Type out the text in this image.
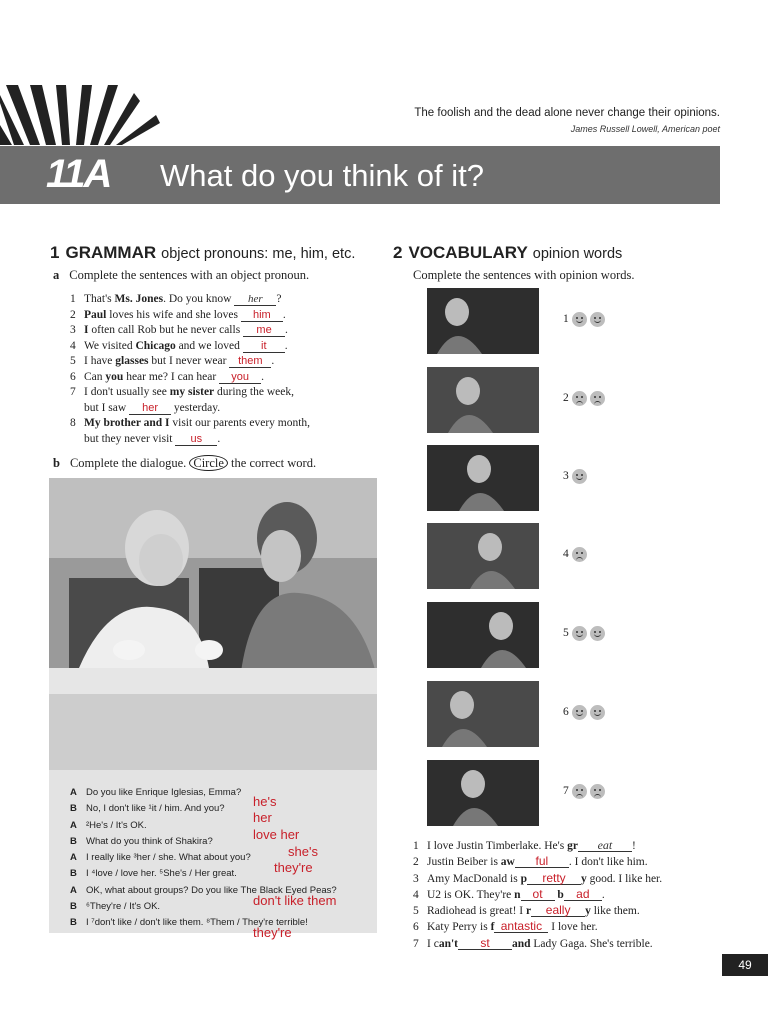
The foolish and the dead alone never change their opinions.
James Russell Lowell, American poet
11A What do you think of it?
1 GRAMMAR object pronouns: me, him, etc.
a Complete the sentences with an object pronoun.
1 That's Ms. Jones. Do you know her ?
2 Paul loves his wife and she loves him .
3 I often call Rob but he never calls me .
4 We visited Chicago and we loved it .
5 I have glasses but I never wear them .
6 Can you hear me? I can hear you .
7 I don't usually see my sister during the week,
but I saw her yesterday.
8 My brother and I visit our parents every month,
but they never visit us .
b Complete the dialogue. Circle the correct word.
A Do you like Enrique Iglesias, Emma?
B No, I don't like ¹it / him. And you?
A ²He's / It's OK.
B What do you think of Shakira?
A I really like ³her / she. What about you?
B I ⁴love / love her. ⁵She's / Her great.
A OK, what about groups? Do you like The Black Eyed Peas?
B ⁶They're / It's OK.
B I ⁷don't like / don't like them. ⁸Them / They're terrible!
he's
her
love her
she's
they're
don't like them
they're
2 VOCABULARY opinion words
Complete the sentences with opinion words.
1
2
3
4
5
6
7
1 I love Justin Timberlake. He's gr eat !
2 Justin Beiber is aw ful . I don't like him.
3 Amy MacDonald is p retty y good. I like her.
4 U2 is OK. They're n ot b ad .
5 Radiohead is great! I r eally y like them.
6 Katy Perry is f antastic I love her.
7 I can't st and Lady Gaga. She's terrible.
49
